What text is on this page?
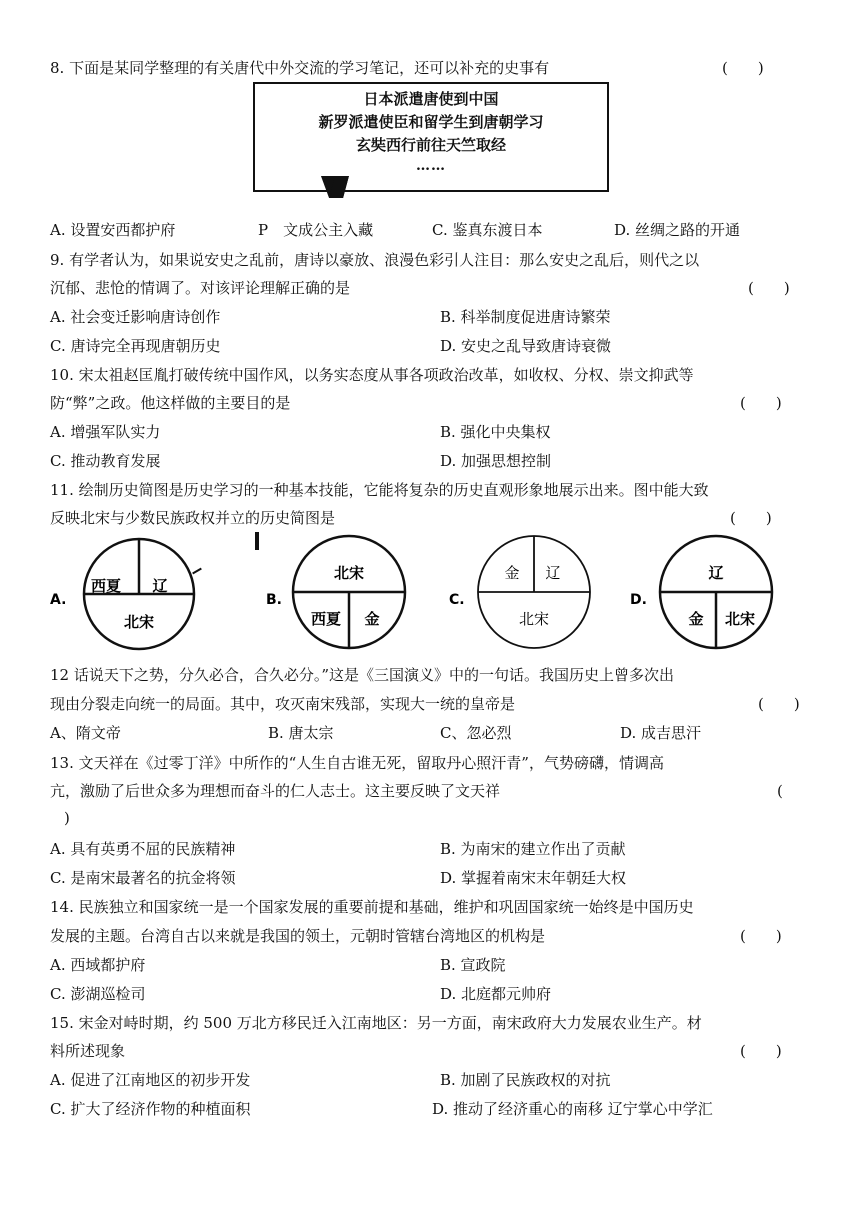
8. 下面是某同学整理的有关唐代中外交流的学习笔记，还可以补充的史事有	(　　)
日本派遣唐使到中国
新罗派遣使臣和留学生到唐朝学习
玄奘西行前往天竺取经
……
A. 设置安西都护府	P　文成公主入藏	C. 鉴真东渡日本	D. 丝绸之路的开通
9. 有学者认为，如果说安史之乱前，唐诗以豪放、浪漫色彩引人注目：那么安史之乱后，则代之以
沉郁、悲怆的情调了。对该评论理解正确的是	(　　)
A. 社会变迁影响唐诗创作	B. 科举制度促进唐诗繁荣
C. 唐诗完全再现唐朝历史	D. 安史之乱导致唐诗衰微
10. 宋太祖赵匡胤打破传统中国作风，以务实态度从事各项政治改革，如收权、分权、崇文抑武等
防“弊”之政。他这样做的主要目的是	(　　)
A. 增强军队实力	B. 强化中央集权
C. 推动教育发展	D. 加强思想控制
11. 绘制历史简图是历史学习的一种基本技能，它能将复杂的历史直观形象地展示出来。图中能大致
反映北宋与少数民族政权并立的历史简图是	(　　)
A.
西夏 辽
北宋
B.
北宋
西夏 金
C.
金 辽
北宋
D.
辽
金 北宋
12 话说天下之势，分久必合，合久必分。”这是《三国演义》中的一句话。我国历史上曾多次出
现由分裂走向统一的局面。其中，攻灭南宋残部，实现大一统的皇帝是	(　　)
A、隋文帝	B. 唐太宗	C、忽必烈	D. 成吉思汗
13. 文天祥在《过零丁洋》中所作的“人生自古谁无死，留取丹心照汗青”，气势磅礴，情调高
亢，激励了后世众多为理想而奋斗的仁人志士。这主要反映了文天祥	(
)
A. 具有英勇不屈的民族精神	B. 为南宋的建立作出了贡献
C. 是南宋最著名的抗金将领	D. 掌握着南宋末年朝廷大权
14. 民族独立和国家统一是一个国家发展的重要前提和基础，维护和巩固国家统一始终是中国历史
发展的主题。台湾自古以来就是我国的领土，元朝时管辖台湾地区的机构是	(　　)
A. 西域都护府	B. 宣政院
C. 澎湖巡检司	D. 北庭都元帅府
15. 宋金对峙时期，约 500 万北方移民迁入江南地区：另一方面，南宋政府大力发展农业生产。材
料所述现象	(　　)
A. 促进了江南地区的初步开发	B. 加剧了民族政权的对抗
C. 扩大了经济作物的种植面积	D. 推动了经济重心的南移 辽宁掌心中学汇
